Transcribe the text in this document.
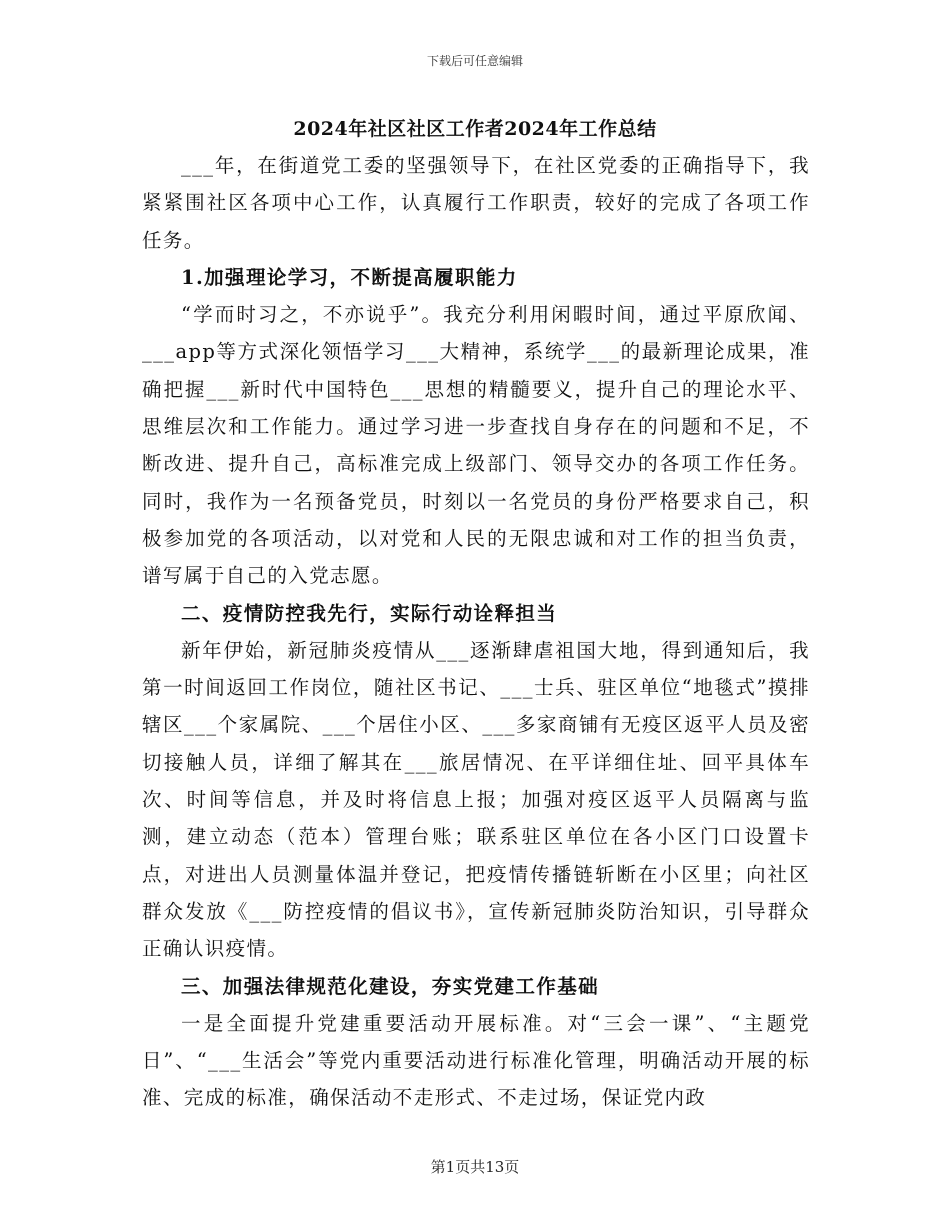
下载后可任意编辑
2024年社区社区工作者2024年工作总结

___年，在街道党工委的坚强领导下，在社区党委的正确指导下，我紧紧围社区各项中心工作，认真履行工作职责，较好的完成了各项工作任务。

1.加强理论学习，不断提高履职能力

“学而时习之，不亦说乎”。我充分利用闲暇时间，通过平原欣闻、___app等方式深化领悟学习___大精神，系统学___的最新理论成果，准确把握___新时代中国特色___思想的精髓要义，提升自己的理论水平、思维层次和工作能力。通过学习进一步查找自身存在的问题和不足，不断改进、提升自己，高标准完成上级部门、领导交办的各项工作任务。同时，我作为一名预备党员，时刻以一名党员的身份严格要求自己，积极参加党的各项活动，以对党和人民的无限忠诚和对工作的担当负责，谱写属于自己的入党志愿。

二、疫情防控我先行，实际行动诠释担当

新年伊始，新冠肺炎疫情从___逐渐肆虐祖国大地，得到通知后，我第一时间返回工作岗位，随社区书记、___士兵、驻区单位“地毯式”摸排辖区___个家属院、___个居住小区、___多家商铺有无疫区返平人员及密切接触人员，详细了解其在___旅居情况、在平详细住址、回平具体车次、时间等信息，并及时将信息上报；加强对疫区返平人员隔离与监测，建立动态（范本）管理台账；联系驻区单位在各小区门口设置卡点，对进出人员测量体温并登记，把疫情传播链斩断在小区里；向社区群众发放《___防控疫情的倡议书》，宣传新冠肺炎防治知识，引导群众正确认识疫情。

三、加强法律规范化建设，夯实党建工作基础

一是全面提升党建重要活动开展标准。对“三会一课”、“主题党日”、“___生活会”等党内重要活动进行标准化管理，明确活动开展的标准、完成的标准，确保活动不走形式、不走过场，保证党内政

第1页共13页
